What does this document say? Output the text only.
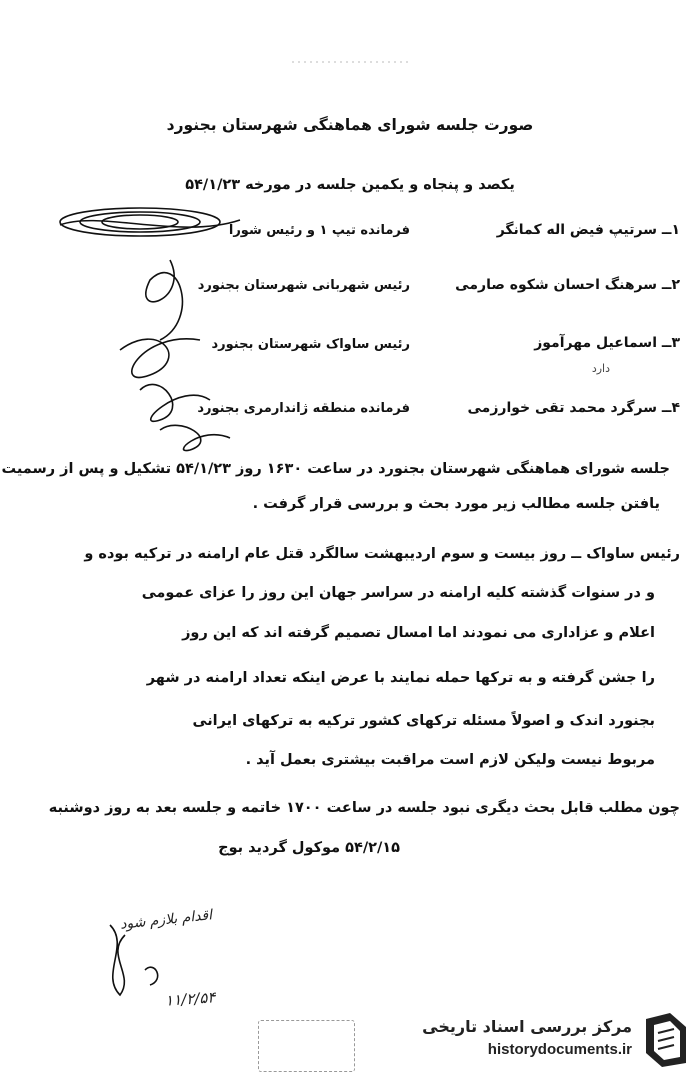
صورت جلسه شورای هماهنگی شهرستان بجنورد
یکصد و پنجاه و یکمین جلسه در مورخه ۵۴/۱/۲۳
۱ــ سرتیپ فیض اله کمانگر
فرمانده تیپ ۱ و رئیس شورا
۲ــ سرهنگ احسان شکوه صارمی
رئیس شهربانی شهرستان بجنورد
۳ــ اسماعیل مهرآموز
رئیس ساواک شهرستان بجنورد
دارد
۴ــ سرگرد محمد تقی خوارزمی
فرمانده منطقه ژاندارمری بجنورد
جلسه شورای هماهنگی شهرستان بجنورد در ساعت ۱۶۳۰ روز ۵۴/۱/۲۳ تشکیل و پس از رسمیت
یافتن جلسه مطالب زیر مورد بحث و بررسی قرار گرفت .
رئیس ساواک ــ روز بیست و سوم اردیبهشت سالگرد قتل عام ارامنه در ترکیه بوده و
و در سنوات گذشته کلیه ارامنه در سراسر جهان این روز را عزای عمومی
اعلام و عزاداری می نمودند اما امسال تصمیم گرفته اند که این روز
را جشن گرفته و به ترکها حمله نمایند با عرض اینکه تعداد ارامنه در شهر
بجنورد اندک و اصولاً مسئله ترکهای کشور ترکیه به ترکهای ایرانی
مربوط نیست ولیکن لازم است مراقبت بیشتری بعمل آید .
چون مطلب قابل بحث دیگری نبود جلسه در ساعت ۱۷۰۰ خاتمه و جلسه بعد به روز دوشنبه
۵۴/۲/۱۵ موکول گردید بوج
اقدام بلازم شود
۱۱/۲/۵۴
مرکز بررسی اسناد تاریخی
historydocuments.ir
